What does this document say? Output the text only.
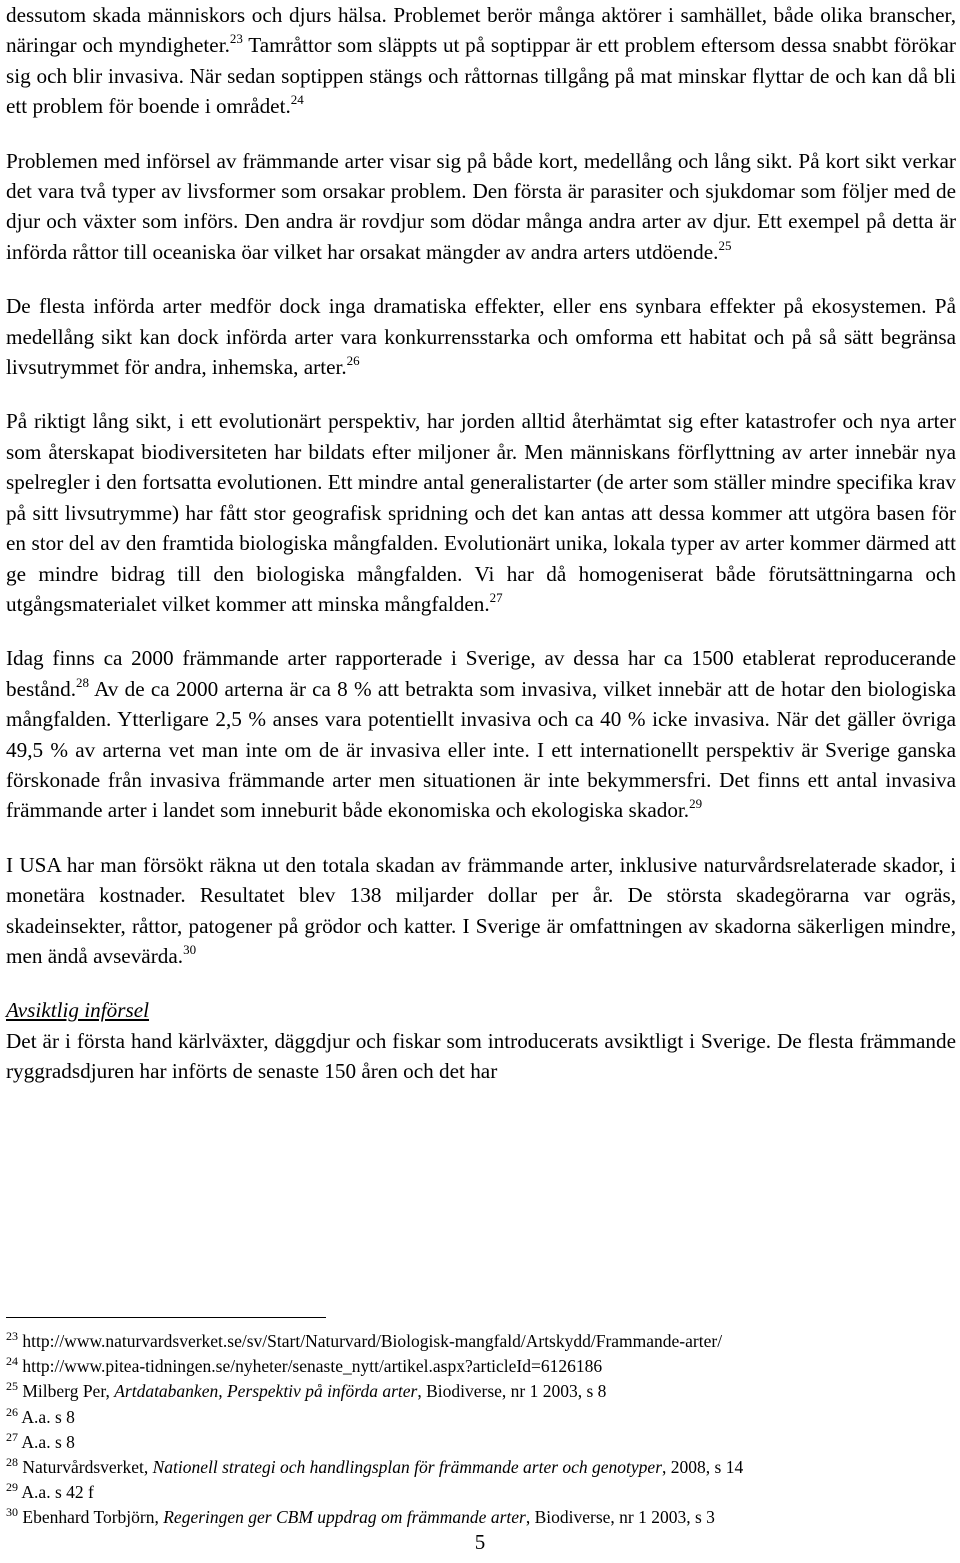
dessutom skada människors och djurs hälsa. Problemet berör många aktörer i samhället, både olika branscher, näringar och myndigheter.$^{23}$ Tamråttor som släppts ut på soptippar är ett problem eftersom dessa snabbt förökar sig och blir invasiva. När sedan soptippen stängs och råttornas tillgång på mat minskar flyttar de och kan då bli ett problem för boende i området.$^{24}$

Problemen med införsel av främmande arter visar sig på både kort, medellång och lång sikt. På kort sikt verkar det vara två typer av livsformer som orsakar problem. Den första är parasiter och sjukdomar som följer med de djur och växter som införs. Den andra är rovdjur som dödar många andra arter av djur. Ett exempel på detta är införda råttor till oceaniska öar vilket har orsakat mängder av andra arters utdöende.$^{25}$

De flesta införda arter medför dock inga dramatiska effekter, eller ens synbara effekter på ekosystemen. På medellång sikt kan dock införda arter vara konkurrensstarka och omforma ett habitat och på så sätt begränsa livsutrymmet för andra, inhemska, arter.$^{26}$

På riktigt lång sikt, i ett evolutionärt perspektiv, har jorden alltid återhämtat sig efter katastrofer och nya arter som återskapat biodiversiteten har bildats efter miljoner år. Men människans förflyttning av arter innebär nya spelregler i den fortsatta evolutionen. Ett mindre antal generalistarter (de arter som ställer mindre specifika krav på sitt livsutrymme) har fått stor geografisk spridning och det kan antas att dessa kommer att utgöra basen för en stor del av den framtida biologiska mångfalden. Evolutionärt unika, lokala typer av arter kommer därmed att ge mindre bidrag till den biologiska mångfalden. Vi har då homogeniserat både förutsättningarna och utgångsmaterialet vilket kommer att minska mångfalden.$^{27}$

Idag finns ca 2000 främmande arter rapporterade i Sverige, av dessa har ca 1500 etablerat reproducerande bestånd.$^{28}$ Av de ca 2000 arterna är ca 8 % att betrakta som invasiva, vilket innebär att de hotar den biologiska mångfalden. Ytterligare 2,5 % anses vara potentiellt invasiva och ca 40 % icke invasiva. När det gäller övriga 49,5 % av arterna vet man inte om de är invasiva eller inte. I ett internationellt perspektiv är Sverige ganska förskonade från invasiva främmande arter men situationen är inte bekymmersfri. Det finns ett antal invasiva främmande arter i landet som inneburit både ekonomiska och ekologiska skador.$^{29}$

I USA har man försökt räkna ut den totala skadan av främmande arter, inklusive naturvårdsrelaterade skador, i monetära kostnader. Resultatet blev 138 miljarder dollar per år. De största skadegörarna var ogräs, skadeinsekter, råttor, patogener på grödor och katter. I Sverige är omfattningen av skadorna säkerligen mindre, men ändå avsevärda.$^{30}$

Avsiktlig införsel

Det är i första hand kärlväxter, däggdjur och fiskar som introducerats avsiktligt i Sverige. De flesta främmande ryggradsdjuren har införts de senaste 150 åren och det har

$^{23}$ http://www.naturvardsverket.se/sv/Start/Naturvard/Biologisk-mangfald/Artskydd/Frammande-arter/

$^{24}$ http://www.pitea-tidningen.se/nyheter/senaste_nytt/artikel.aspx?articleId=6126186

$^{25}$ Milberg Per, Artdatabanken, Perspektiv på införda arter, Biodiverse, nr 1 2003, s 8

$^{26}$ A.a. s 8

$^{27}$ A.a. s 8

$^{28}$ Naturvårdsverket, Nationell strategi och handlingsplan för främmande arter och genotyper, 2008, s 14

$^{29}$ A.a. s 42 f

$^{30}$ Ebenhard Torbjörn, Regeringen ger CBM uppdrag om främmande arter, Biodiverse, nr 1 2003, s 3

5
